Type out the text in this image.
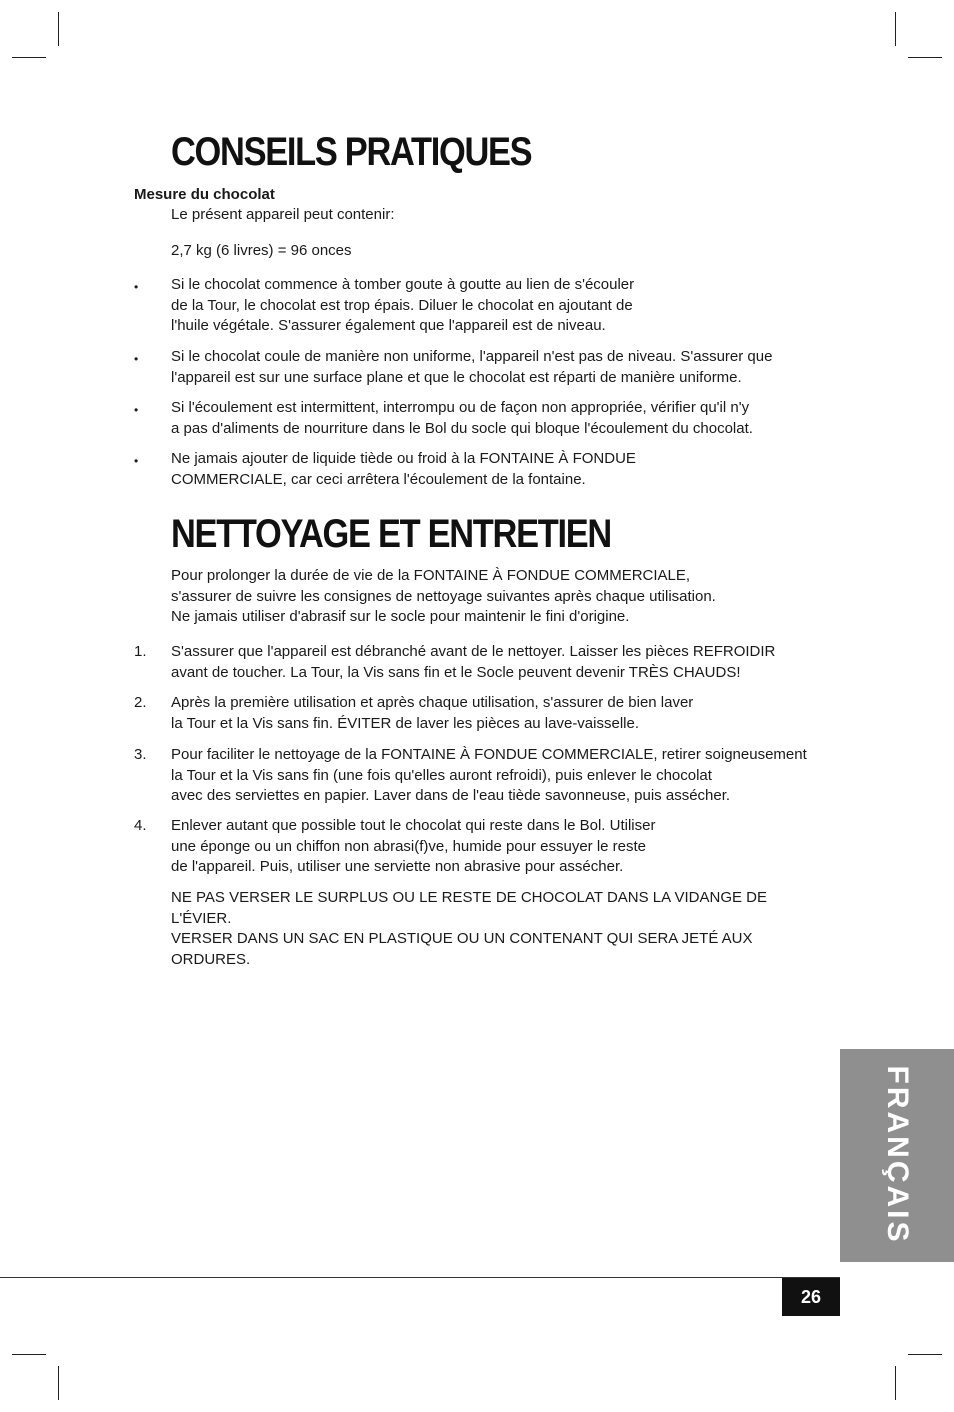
CONSEILS PRATIQUES
Mesure du chocolat
Le présent appareil peut contenir:
2,7 kg (6 livres) = 96 onces
• Si le chocolat commence à tomber goute à goutte au lien de s'écouler
de la Tour, le chocolat est trop épais. Diluer le chocolat en ajoutant de
l'huile végétale. S'assurer également que l'appareil est de niveau.
• Si le chocolat coule de manière non uniforme, l'appareil n'est pas de niveau. S'assurer que
l'appareil est sur une surface plane et que le chocolat est réparti de manière uniforme.
• Si l'écoulement est intermittent, interrompu ou de façon non appropriée, vérifier qu'il n'y
a pas d'aliments de nourriture dans le Bol du socle qui bloque l'écoulement du chocolat.
• Ne jamais ajouter de liquide tiède ou froid à la FONTAINE À FONDUE
COMMERCIALE, car ceci arrêtera l'écoulement de la fontaine.
NETTOYAGE ET ENTRETIEN
Pour prolonger la durée de vie de la FONTAINE À FONDUE COMMERCIALE,
s'assurer de suivre les consignes de nettoyage suivantes après chaque utilisation.
Ne jamais utiliser d'abrasif sur le socle pour maintenir le fini d'origine.
1. S'assurer que l'appareil est débranché avant de le nettoyer. Laisser les pièces REFROIDIR
avant de toucher. La Tour, la Vis sans fin et le Socle peuvent devenir TRÈS CHAUDS!
2. Après la première utilisation et après chaque utilisation, s'assurer de bien laver
la Tour et la Vis sans fin. ÉVITER de laver les pièces au lave-vaisselle.
3. Pour faciliter le nettoyage de la FONTAINE À FONDUE COMMERCIALE, retirer soigneusement
la Tour et la Vis sans fin (une fois qu'elles auront refroidi), puis enlever le chocolat
avec des serviettes en papier. Laver dans de l'eau tiède savonneuse, puis assécher.
4. Enlever autant que possible tout le chocolat qui reste dans le Bol. Utiliser
une éponge ou un chiffon non abrasi(f)ve, humide pour essuyer le reste
de l'appareil. Puis, utiliser une serviette non abrasive pour assécher.
NE PAS VERSER LE SURPLUS OU LE RESTE DE CHOCOLAT DANS LA VIDANGE DE L'ÉVIER.
VERSER DANS UN SAC EN PLASTIQUE OU UN CONTENANT QUI SERA JETÉ AUX ORDURES.
FRANÇAIS
26
